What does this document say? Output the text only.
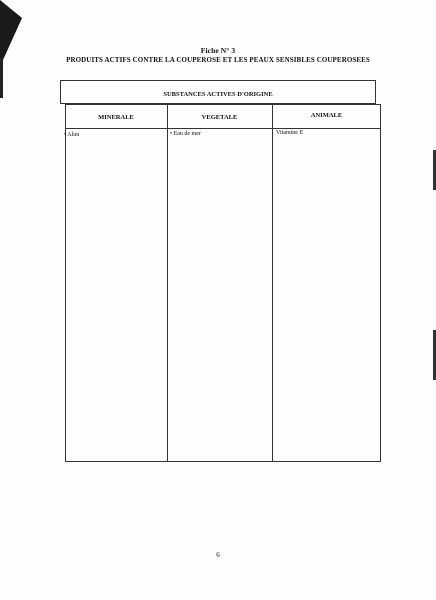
Fiche N° 3
PRODUITS ACTIFS CONTRE LA COUPEROSE ET LES PEAUX SENSIBLES COUPEROSEES
SUBSTANCES ACTIVES D'ORIGINE
MINERALE	VEGETALE	ANIMALE
• Alun	• Eau de mer	Vitamine E
6
